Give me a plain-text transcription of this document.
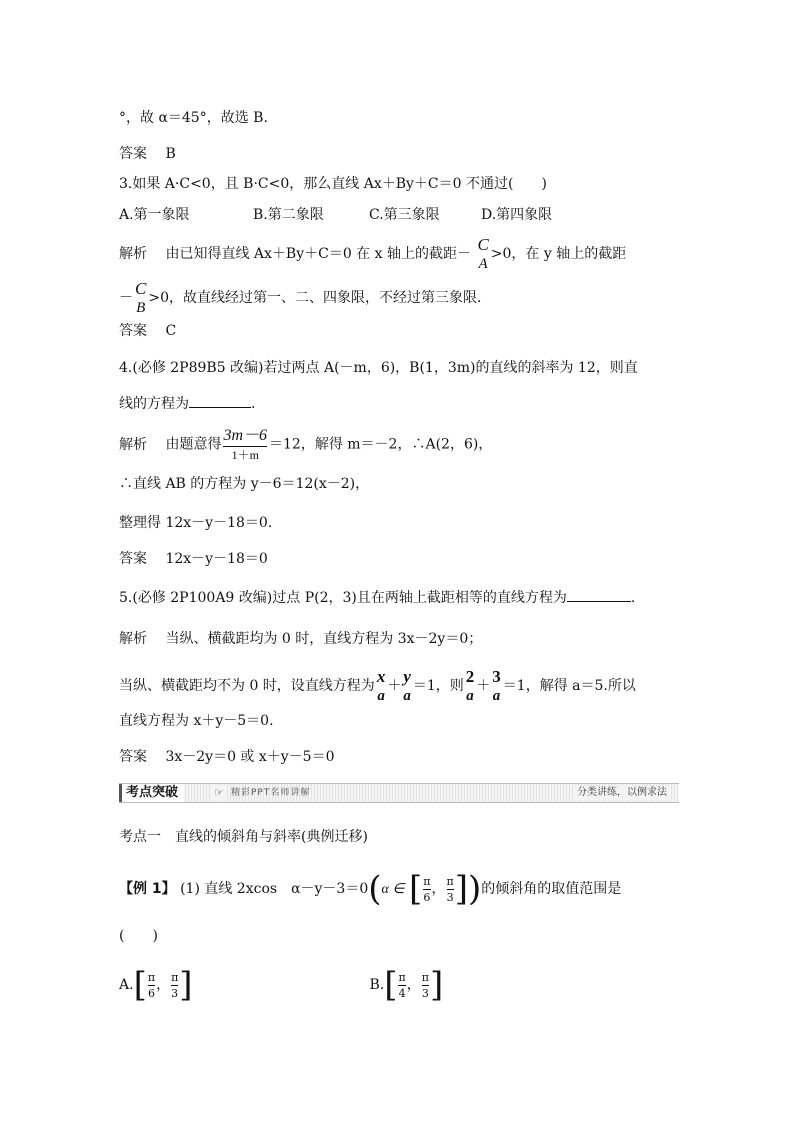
°，故 α＝45°，故选 B.
答案 B
3.如果 A·C<0，且 B·C<0，那么直线 Ax＋By＋C＝0 不通过(　　)
A.第一象限	B.第二象限	C.第三象限	D.第四象限
解析 由已知得直线 Ax＋By＋C＝0 在 x 轴上的截距－ C
A
>0，在 y 轴上的截距
－ C
B
>0，故直线经过第一、二、四象限，不经过第三象限.
答案 C
4.(必修 2P89B5 改编)若过两点 A(－m，6)，B(1，3m)的直线的斜率为 12，则直
线的方程为	.
解析 由题意得 $\frac{3m-6}{1+m} =12$，解得 m＝－2，∴A(2，6)，
∴直线 AB 的方程为 y－6＝12(x－2)，
整理得 12x－y－18＝0.
答案 12x－y－18＝0
5.(必修 2P100A9 改编)过点 P(2，3)且在两轴上截距相等的直线方程为	.
解析 当纵、横截距均为 0 时，直线方程为 3x－2y＝0；
当纵、横截距均不为 0 时，设直线方程为 x
a
＋ y
a
＝1，则 2
a
＋ 3
a
＝1，解得 a＝5.所以
直线方程为 x＋y－5＝0.
答案 3x－2y＝0 或 x＋y－5＝0
考点突破	☞ 精彩PPT名师讲解	分类讲练，以例求法
考点一　直线的倾斜角与斜率(典例迁移)
【例 1】 (1) 直线 2xcos　α－y－3＝0(α ∈ [ $\frac{\pi}{6}$ ， $\frac{\pi}{3}$ ])的倾斜角的取值范围是
(　　)
$A.[ \frac{\pi}{6}$ ， $\frac{\pi}{3}$ ]	$B.[ \frac{\pi}{4}$ ， $\frac{\pi}{3}$ ]
